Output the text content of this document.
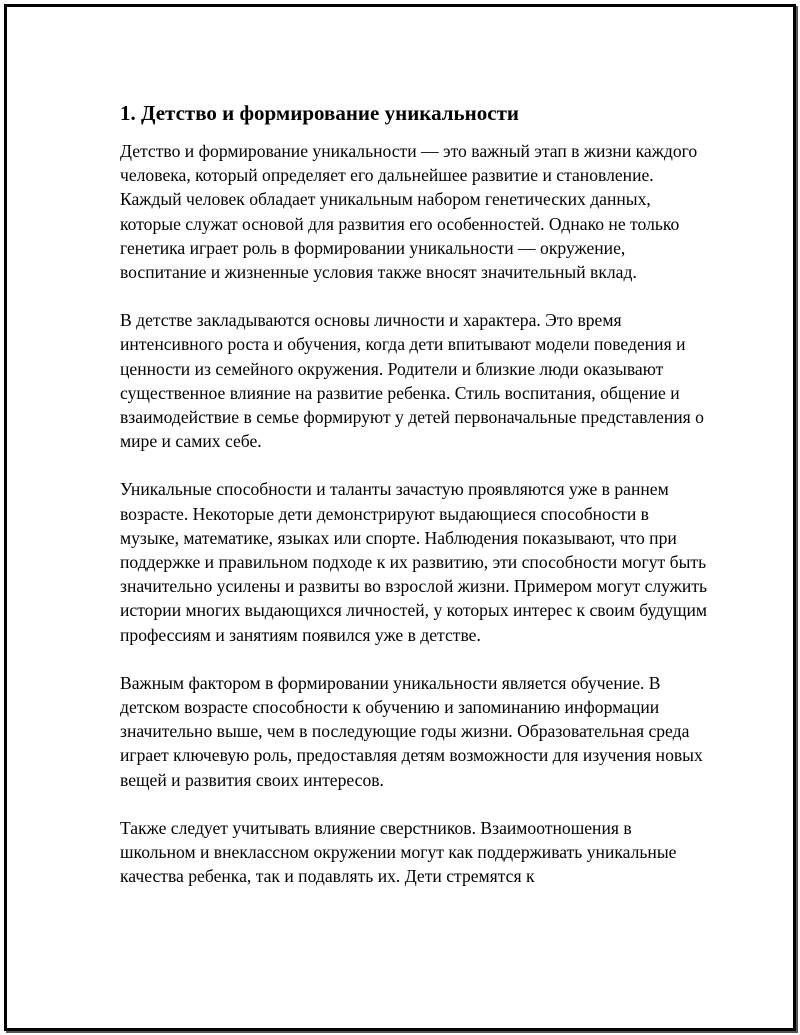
1. Детство и формирование уникальности

Детство и формирование уникальности — это важный этап в жизни каждого человека, который определяет его дальнейшее развитие и становление. Каждый человек обладает уникальным набором генетических данных, которые служат основой для развития его особенностей. Однако не только генетика играет роль в формировании уникальности — окружение, воспитание и жизненные условия также вносят значительный вклад.

В детстве закладываются основы личности и характера. Это время интенсивного роста и обучения, когда дети впитывают модели поведения и ценности из семейного окружения. Родители и близкие люди оказывают существенное влияние на развитие ребенка. Стиль воспитания, общение и взаимодействие в семье формируют у детей первоначальные представления о мире и самих себе.

Уникальные способности и таланты зачастую проявляются уже в раннем возрасте. Некоторые дети демонстрируют выдающиеся способности в музыке, математике, языках или спорте. Наблюдения показывают, что при поддержке и правильном подходе к их развитию, эти способности могут быть значительно усилены и развиты во взрослой жизни. Примером могут служить истории многих выдающихся личностей, у которых интерес к своим будущим профессиям и занятиям появился уже в детстве.

Важным фактором в формировании уникальности является обучение. В детском возрасте способности к обучению и запоминанию информации значительно выше, чем в последующие годы жизни. Образовательная среда играет ключевую роль, предоставляя детям возможности для изучения новых вещей и развития своих интересов.

Также следует учитывать влияние сверстников. Взаимоотношения в школьном и внеклассном окружении могут как поддерживать уникальные качества ребенка, так и подавлять их. Дети стремятся к
